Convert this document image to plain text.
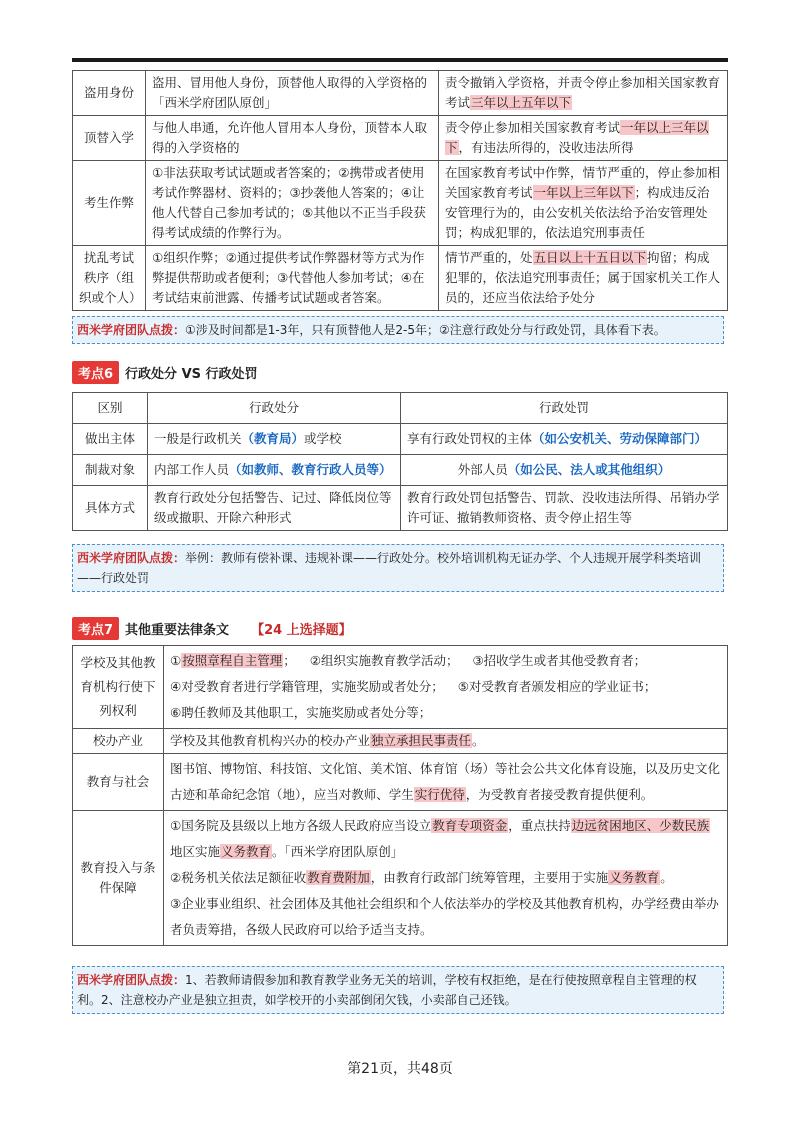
盗用身份	盗用、冒用他人身份，顶替他人取得的入学资格的「西米学府团队原创」	责令撤销入学资格，并责令停止参加相关国家教育考试三年以上五年以下
顶替入学	与他人串通，允许他人冒用本人身份，顶替本人取得的入学资格的	责令停止参加相关国家教育考试一年以上三年以下，有违法所得的，没收违法所得
考生作弊	①非法获取考试试题或者答案的；②携带或者使用考试作弊器材、资料的；③抄袭他人答案的；④让他人代替自己参加考试的；⑤其他以不正当手段获得考试成绩的作弊行为。	在国家教育考试中作弊，情节严重的，停止参加相关国家教育考试一年以上三年以下；构成违反治安管理行为的，由公安机关依法给予治安管理处罚；构成犯罪的，依法追究刑事责任
扰乱考试秩序（组织或个人）	①组织作弊；②通过提供考试作弊器材等方式为作弊提供帮助或者便利；③代替他人参加考试；④在考试结束前泄露、传播考试试题或者答案。	情节严重的，处五日以上十五日以下拘留；构成犯罪的，依法追究刑事责任；属于国家机关工作人员的，还应当依法给予处分
西米学府团队点拨：①涉及时间都是1-3年，只有顶替他人是2-5年；②注意行政处分与行政处罚，具体看下表。
考点6 行政处分 VS 行政处罚
区别	行政处分	行政处罚
做出主体	一般是行政机关（教育局）或学校	享有行政处罚权的主体（如公安机关、劳动保障部门）
制裁对象	内部工作人员（如教师、教育行政人员等）	外部人员（如公民、法人或其他组织）
具体方式	教育行政处分包括警告、记过、降低岗位等级或撤职、开除六种形式	教育行政处罚包括警告、罚款、没收违法所得、吊销办学许可证、撤销教师资格、责令停止招生等
西米学府团队点拨：举例：教师有偿补课、违规补课——行政处分。校外培训机构无证办学、个人违规开展学科类培训——行政处罚
考点7 其他重要法律条文 【24 上选择题】
学校及其他教育机构行使下列权利	①按照章程自主管理； ②组织实施教育教学活动； ③招收学生或者其他受教育者；
④对受教育者进行学籍管理，实施奖励或者处分； ⑤对受教育者颁发相应的学业证书；
⑥聘任教师及其他职工，实施奖励或者处分等；

校办产业	学校及其他教育机构兴办的校办产业独立承担民事责任。
教育与社会	图书馆、博物馆、科技馆、文化馆、美术馆、体育馆（场）等社会公共文化体育设施，以及历史文化古迹和革命纪念馆（地），应当对教师、学生实行优待，为受教育者接受教育提供便利。
教育投入与条件保障	①国务院及县级以上地方各级人民政府应当设立教育专项资金，重点扶持边远贫困地区、少数民族地区实施义务教育。「西米学府团队原创」
②税务机关依法足额征收教育费附加，由教育行政部门统筹管理，主要用于实施义务教育。
③企业事业组织、社会团体及其他社会组织和个人依法举办的学校及其他教育机构，办学经费由举办者负责筹措，各级人民政府可以给予适当支持。
西米学府团队点拨：1、若教师请假参加和教育教学业务无关的培训，学校有权拒绝，是在行使按照章程自主管理的权利。2、注意校办产业是独立担责，如学校开的小卖部倒闭欠钱，小卖部自己还钱。
第21页，共48页
